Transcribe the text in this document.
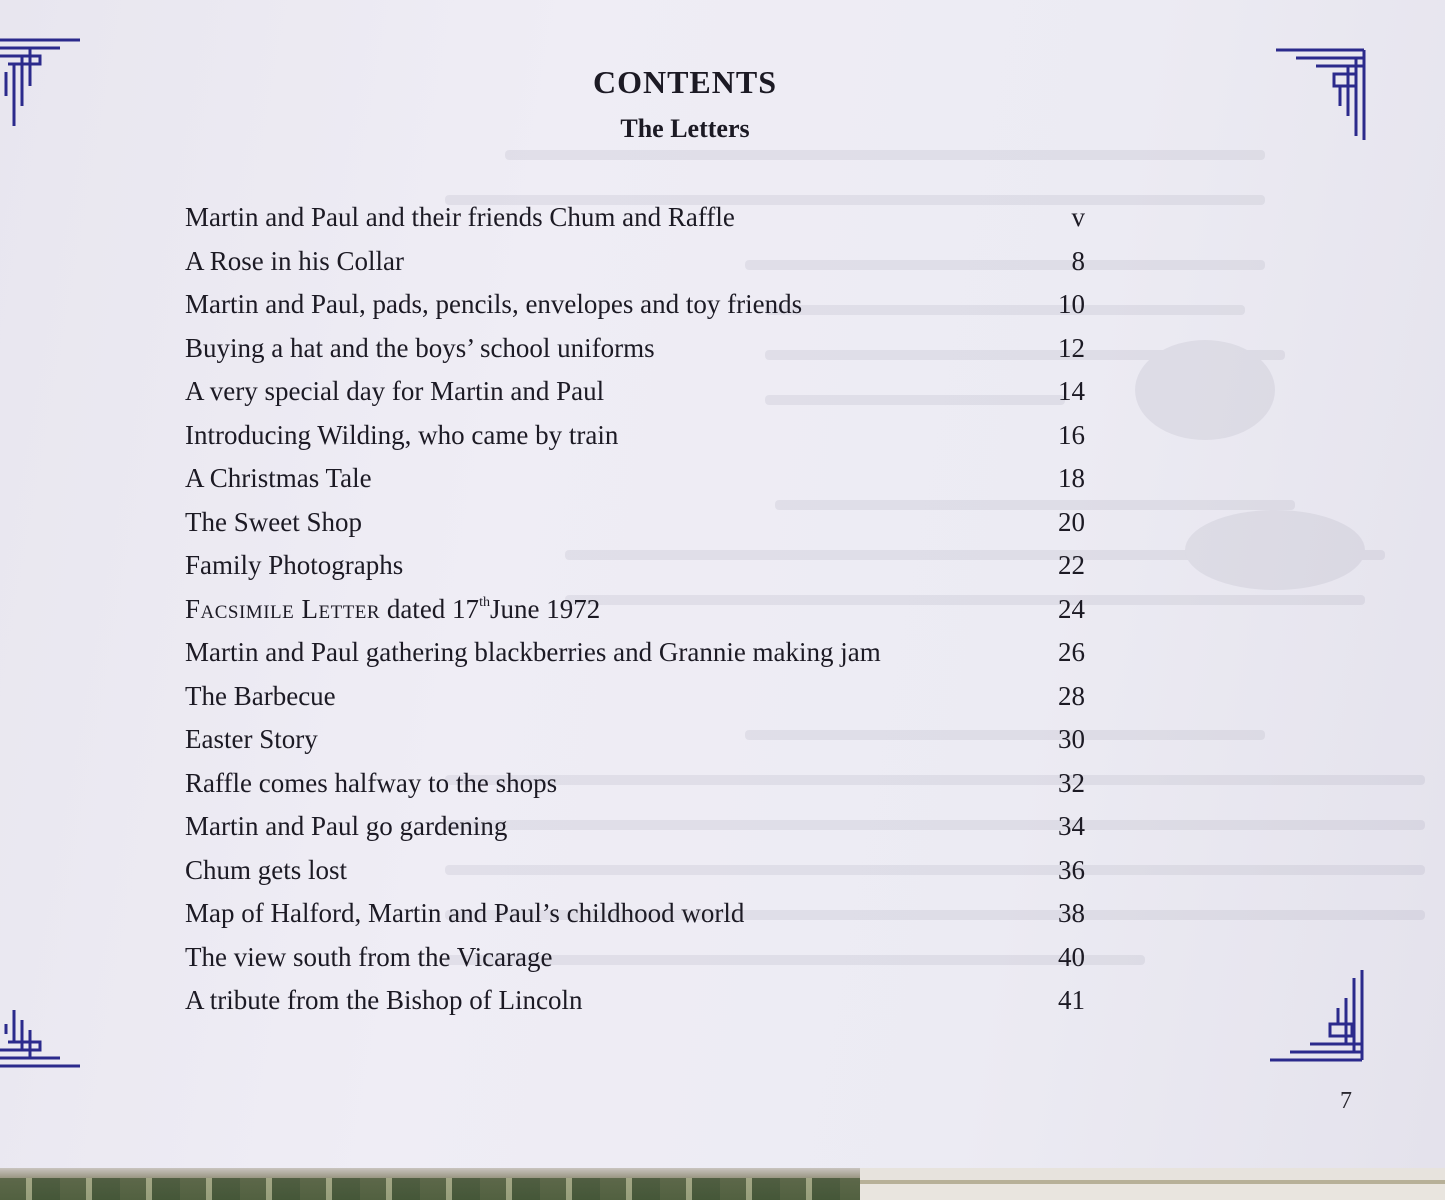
CONTENTS
The Letters
Martin and Paul and their friends Chum and Raffle	v
A Rose in his Collar	8
Martin and Paul, pads, pencils, envelopes and toy friends	10
Buying a hat and the boys’ school uniforms	12
A very special day for Martin and Paul	14
Introducing Wilding, who came by train	16
A Christmas Tale	18
The Sweet Shop	20
Family Photographs	22
Facsimile Letter dated 17thJune 1972	24
Martin and Paul gathering blackberries and Grannie making jam	26
The Barbecue	28
Easter Story	30
Raffle comes halfway to the shops	32
Martin and Paul go gardening	34
Chum gets lost	36
Map of Halford, Martin and Paul’s childhood world	38
The view south from the Vicarage	40
A tribute from the Bishop of Lincoln	41
7
